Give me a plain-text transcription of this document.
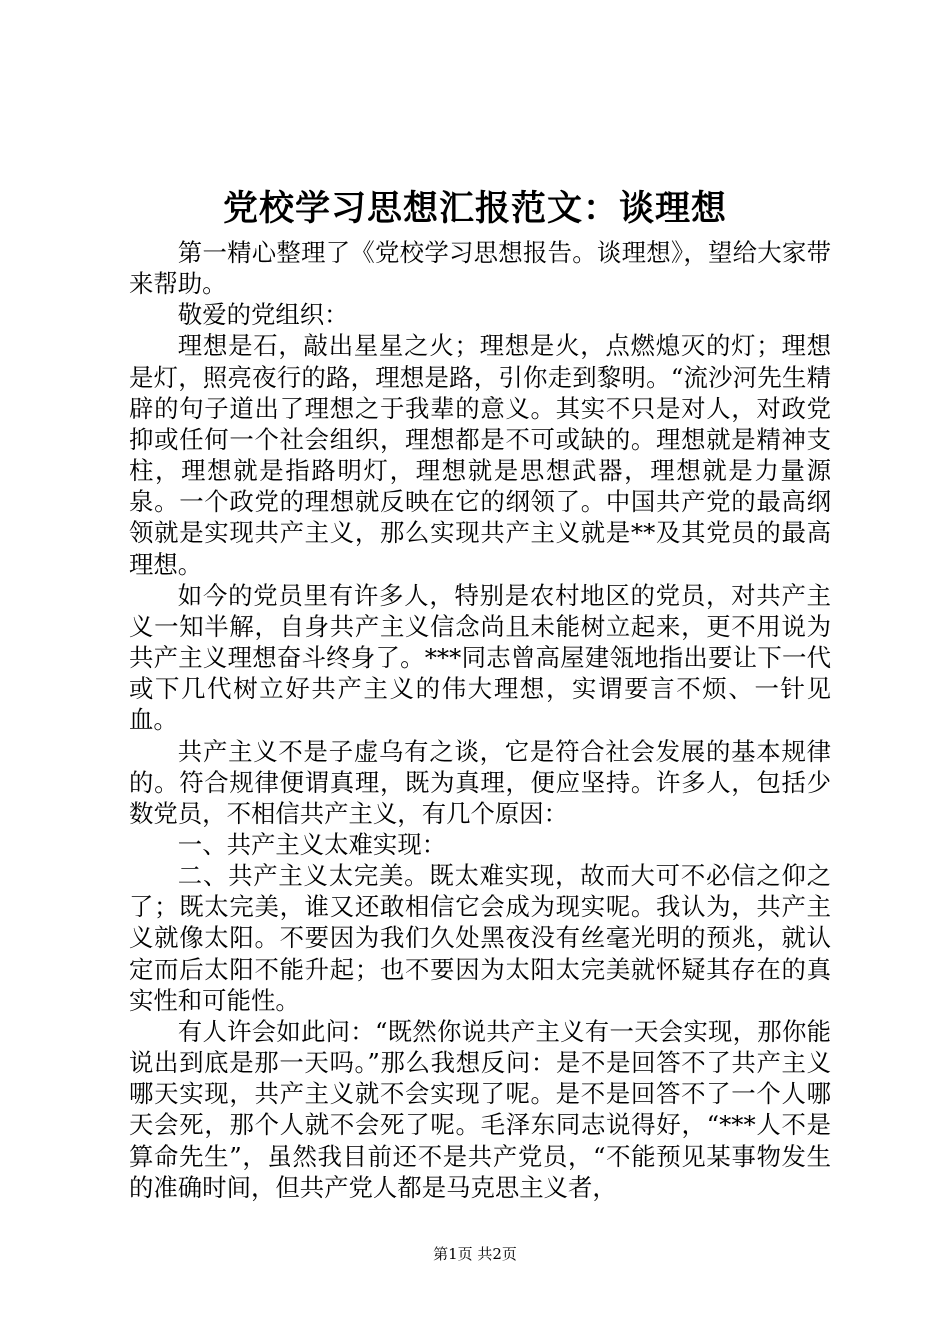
党校学习思想汇报范文：谈理想

第一精心整理了《党校学习思想报告。谈理想》，望给大家带来帮助。

敬爱的党组织：

理想是石，敲出星星之火；理想是火，点燃熄灭的灯；理想是灯，照亮夜行的路，理想是路，引你走到黎明。“流沙河先生精辟的句子道出了理想之于我辈的意义。其实不只是对人，对政党抑或任何一个社会组织，理想都是不可或缺的。理想就是精神支柱，理想就是指路明灯，理想就是思想武器，理想就是力量源泉。一个政党的理想就反映在它的纲领了。中国共产党的最高纲领就是实现共产主义，那么实现共产主义就是**及其党员的最高理想。

如今的党员里有许多人，特别是农村地区的党员，对共产主义一知半解，自身共产主义信念尚且未能树立起来，更不用说为共产主义理想奋斗终身了。***同志曾高屋建瓴地指出要让下一代或下几代树立好共产主义的伟大理想，实谓要言不烦、一针见血。

共产主义不是子虚乌有之谈，它是符合社会发展的基本规律的。符合规律便谓真理，既为真理，便应坚持。许多人，包括少数党员，不相信共产主义，有几个原因：

一、共产主义太难实现：

二、共产主义太完美。既太难实现，故而大可不必信之仰之了；既太完美，谁又还敢相信它会成为现实呢。我认为，共产主义就像太阳。不要因为我们久处黑夜没有丝毫光明的预兆，就认定而后太阳不能升起；也不要因为太阳太完美就怀疑其存在的真实性和可能性。

有人许会如此问：“既然你说共产主义有一天会实现，那你能说出到底是那一天吗。”那么我想反问：是不是回答不了共产主义哪天实现，共产主义就不会实现了呢。是不是回答不了一个人哪天会死，那个人就不会死了呢。毛泽东同志说得好，“***人不是算命先生”，虽然我目前还不是共产党员，“不能预见某事物发生的准确时间，但共产党人都是马克思主义者，

第1页 共2页
